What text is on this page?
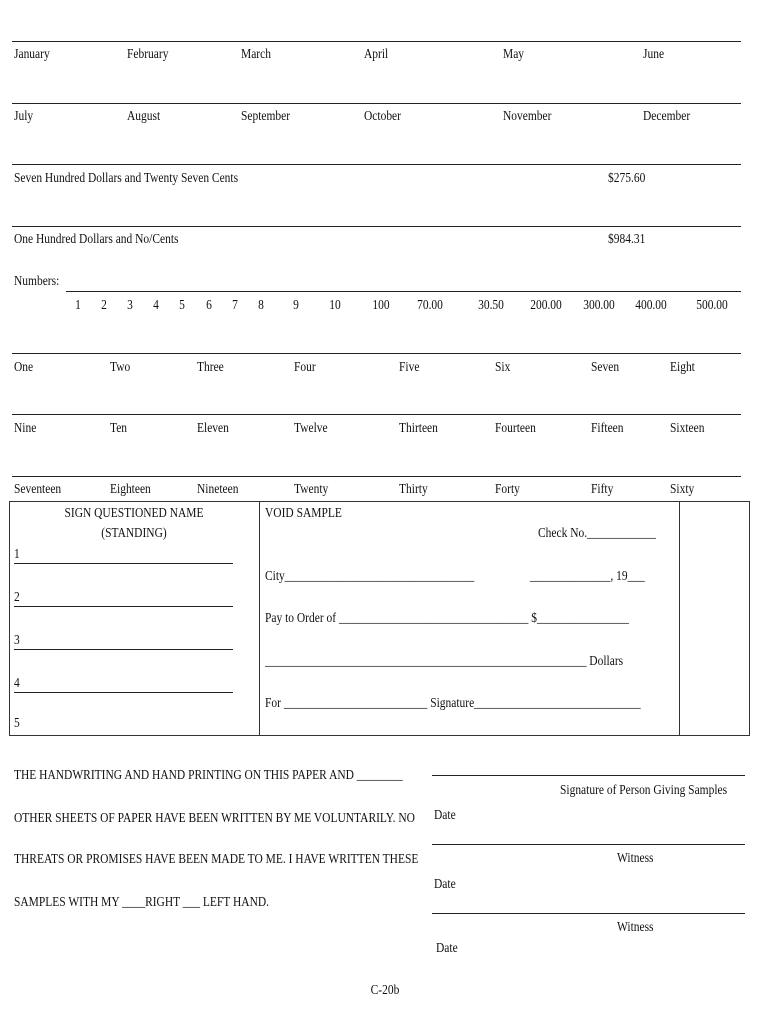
January	February	March	April	May	June
July	August	September	October	November	December
Seven Hundred Dollars and Twenty Seven Cents	$275.60
One Hundred Dollars and No/Cents	$984.31
Numbers:
1 2 3 4 5 6 7 8 9 10 100 70.00	30.50 200.00 300.00 400.00 500.00
One	Two	Three	Four	Five	Six	Seven	Eight
Nine	Ten	Eleven	Twelve	Thirteen	Fourteen	Fifteen	Sixteen
Seventeen	Eighteen	Nineteen	Twenty	Thirty	Forty	Fifty	Sixty
SIGN QUESTIONED NAME
(STANDING)
1
2
3
4
5
VOID SAMPLE
Check No.____________
City_________________________________	______________, 19___
Pay to Order of _________________________________ $________________
________________________________________________________ Dollars
For _________________________ Signature_____________________________
THE HANDWRITING AND HAND PRINTING ON THIS PAPER AND ________
OTHER SHEETS OF PAPER HAVE BEEN WRITTEN BY ME VOLUNTARILY. NO
THREATS OR PROMISES HAVE BEEN MADE TO ME. I HAVE WRITTEN THESE
SAMPLES WITH MY ____RIGHT ___ LEFT HAND.
Signature of Person Giving Samples
Date
Witness
Date
Witness
Date
C-20b
